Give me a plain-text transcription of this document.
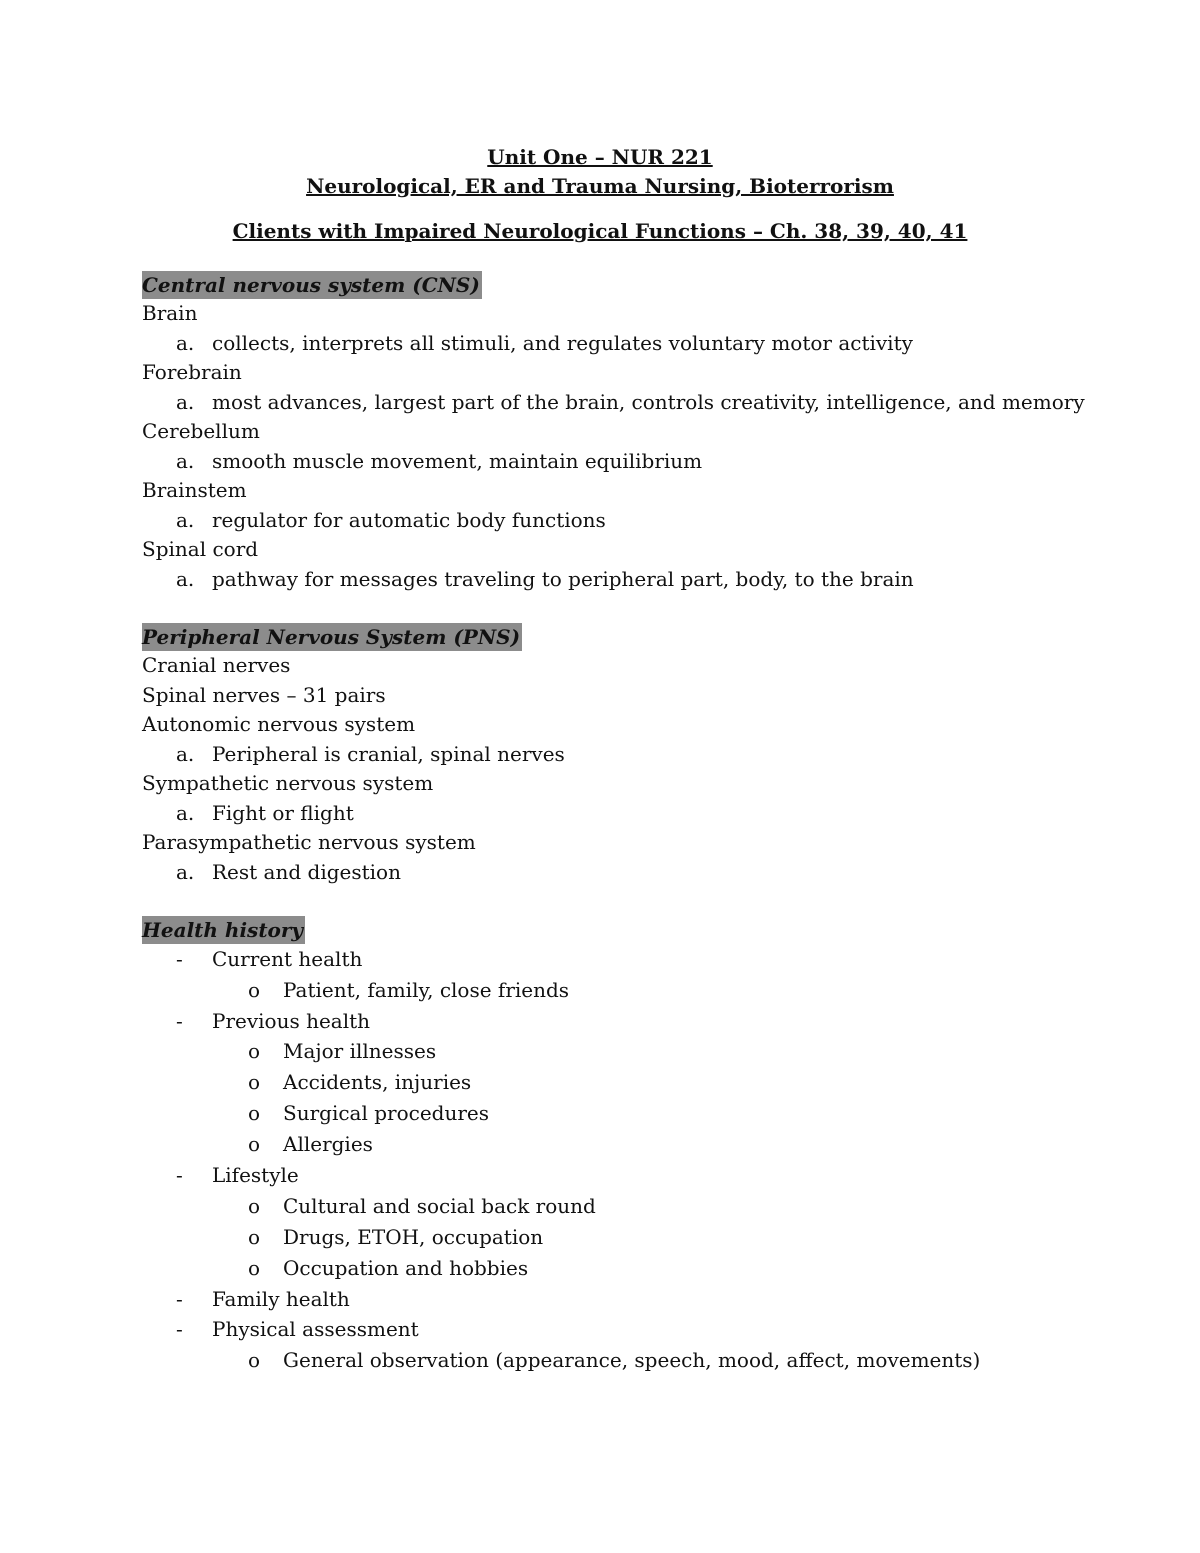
Unit One – NUR 221
Neurological, ER and Trauma Nursing, Bioterrorism
Clients with Impaired Neurological Functions – Ch. 38, 39, 40, 41
Central nervous system (CNS)
Brain
a. collects, interprets all stimuli, and regulates voluntary motor activity
Forebrain
a. most advances, largest part of the brain, controls creativity, intelligence, and memory
Cerebellum
a. smooth muscle movement, maintain equilibrium
Brainstem
a. regulator for automatic body functions
Spinal cord
a. pathway for messages traveling to peripheral part, body, to the brain
Peripheral Nervous System (PNS)
Cranial nerves
Spinal nerves – 31 pairs
Autonomic nervous system
a. Peripheral is cranial, spinal nerves
Sympathetic nervous system
a. Fight or flight
Parasympathetic nervous system
a. Rest and digestion
Health history
- Current health
o Patient, family, close friends
- Previous health
o Major illnesses
o Accidents, injuries
o Surgical procedures
o Allergies
- Lifestyle
o Cultural and social back round
o Drugs, ETOH, occupation
o Occupation and hobbies
- Family health
- Physical assessment
o General observation (appearance, speech, mood, affect, movements)
